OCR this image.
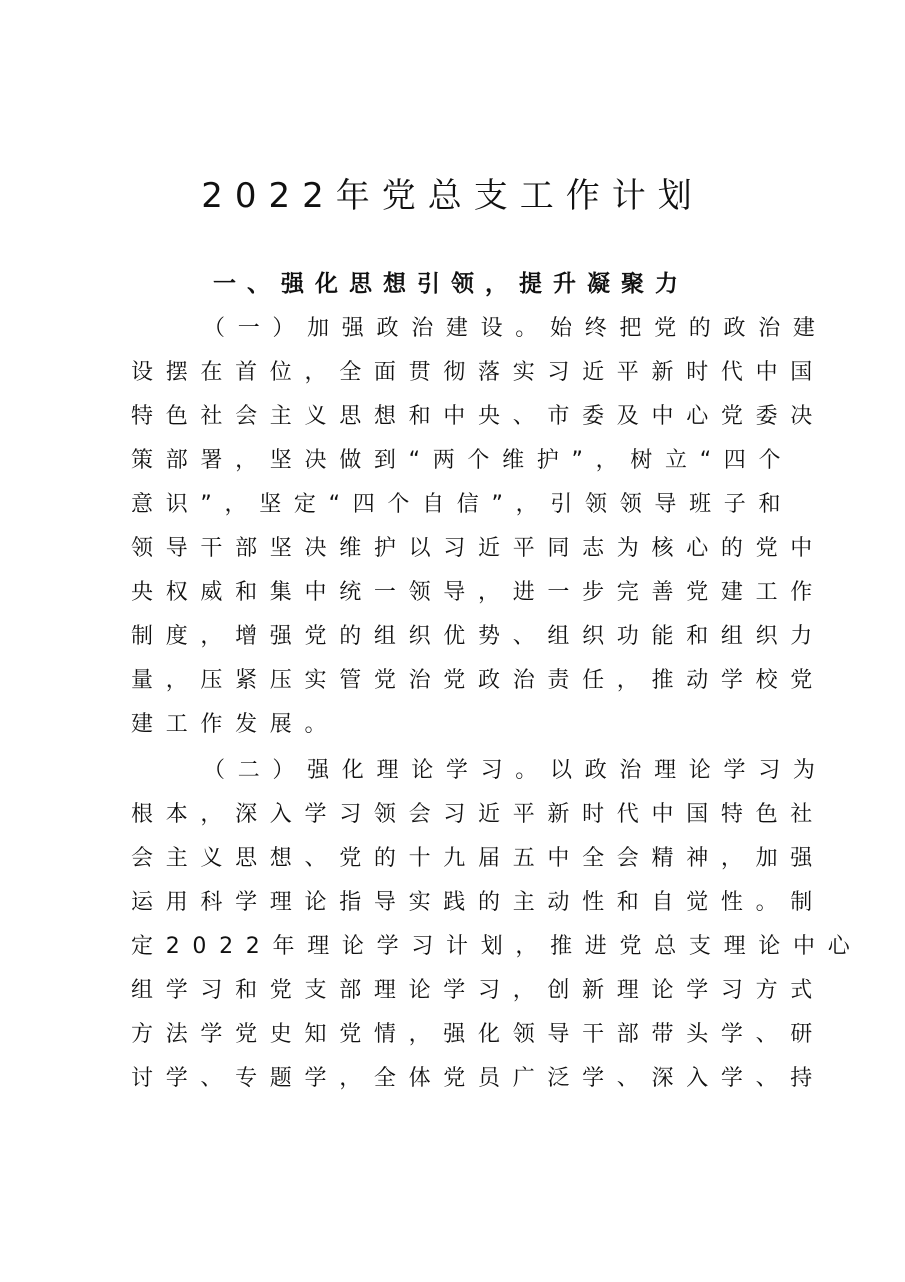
2022年党总支工作计划
一、强化思想引领，提升凝聚力

（一）加强政治建设。始终把党的政治建
设摆在首位，全面贯彻落实习近平新时代中国
特色社会主义思想和中央、市委及中心党委决
策部署，坚决做到“两个维护”，树立“四个
意识”，坚定“四个自信”，引领领导班子和
领导干部坚决维护以习近平同志为核心的党中
央权威和集中统一领导，进一步完善党建工作
制度，增强党的组织优势、组织功能和组织力
量，压紧压实管党治党政治责任，推动学校党
建工作发展。

（二）强化理论学习。以政治理论学习为
根本，深入学习领会习近平新时代中国特色社
会主义思想、党的十九届五中全会精神，加强
运用科学理论指导实践的主动性和自觉性。制
定2022年理论学习计划，推进党总支理论中心
组学习和党支部理论学习，创新理论学习方式
方法学党史知党情，强化领导干部带头学、研
讨学、专题学，全体党员广泛学、深入学、持
